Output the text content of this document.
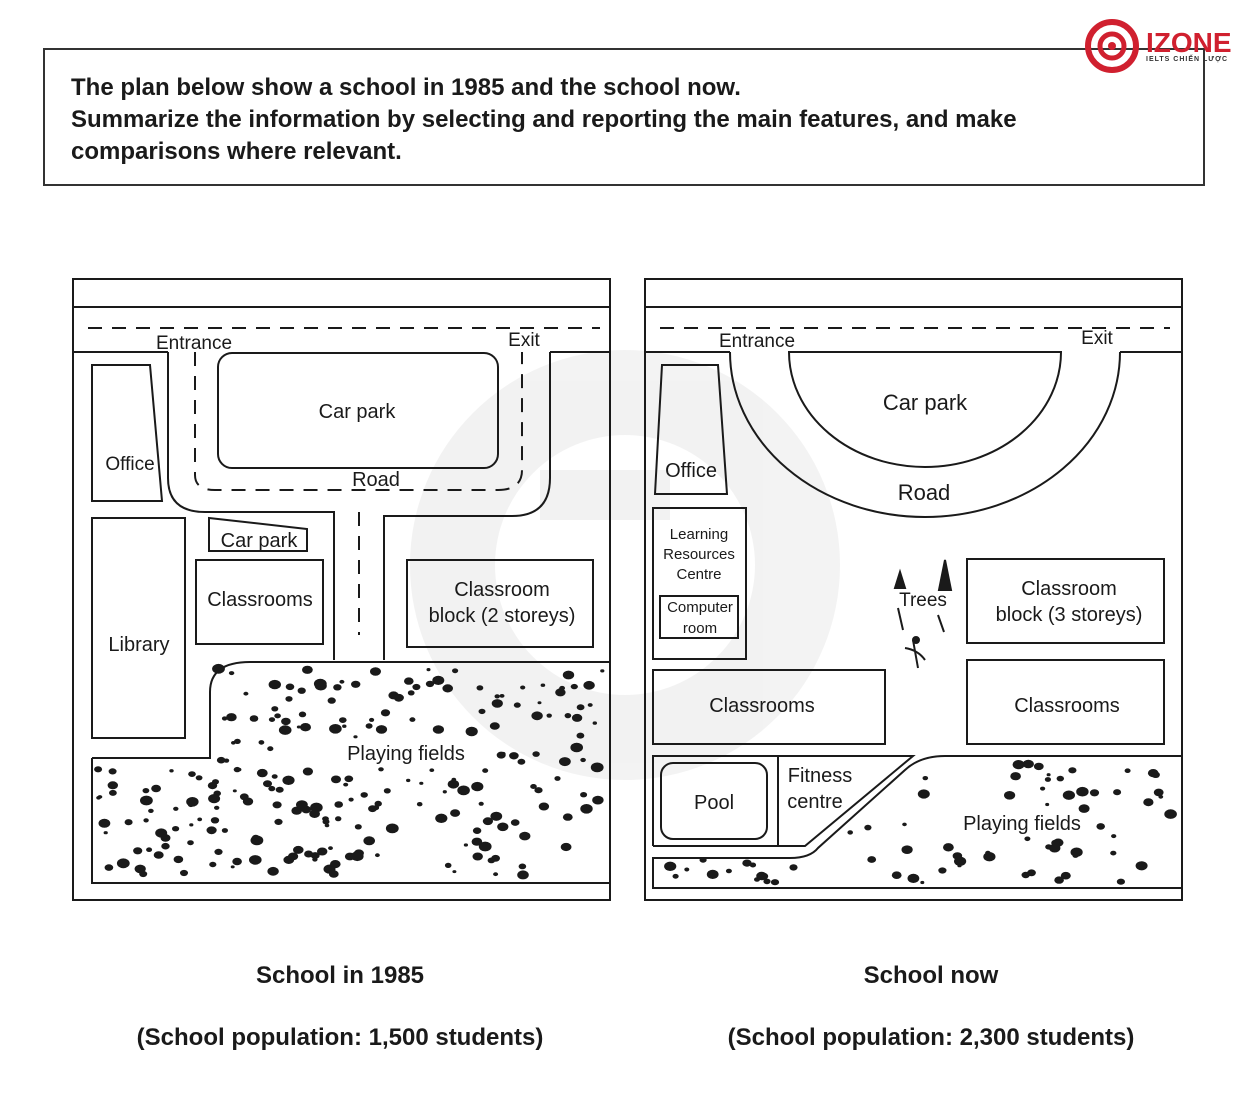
The plan below show a school in 1985 and the school now.
Summarize the information by selecting and reporting the main features, and make
comparisons where relevant.
IZONE
IELTS CHIẾN LƯỢC
Entrance	Exit
Car park
Office
Road
Car park
Classrooms	Classroom
block (2 storeys)
Library
Playing fields
Entrance	Exit
Car park
Road
Office
Learning
Resources
Centre
Computer
room
Trees
Classroom
block (3 storeys)
Classrooms	Classrooms
Pool
Fitness
centre
Playing fields
School in 1985
(School population: 1,500 students)
School now
(School population: 2,300 students)
